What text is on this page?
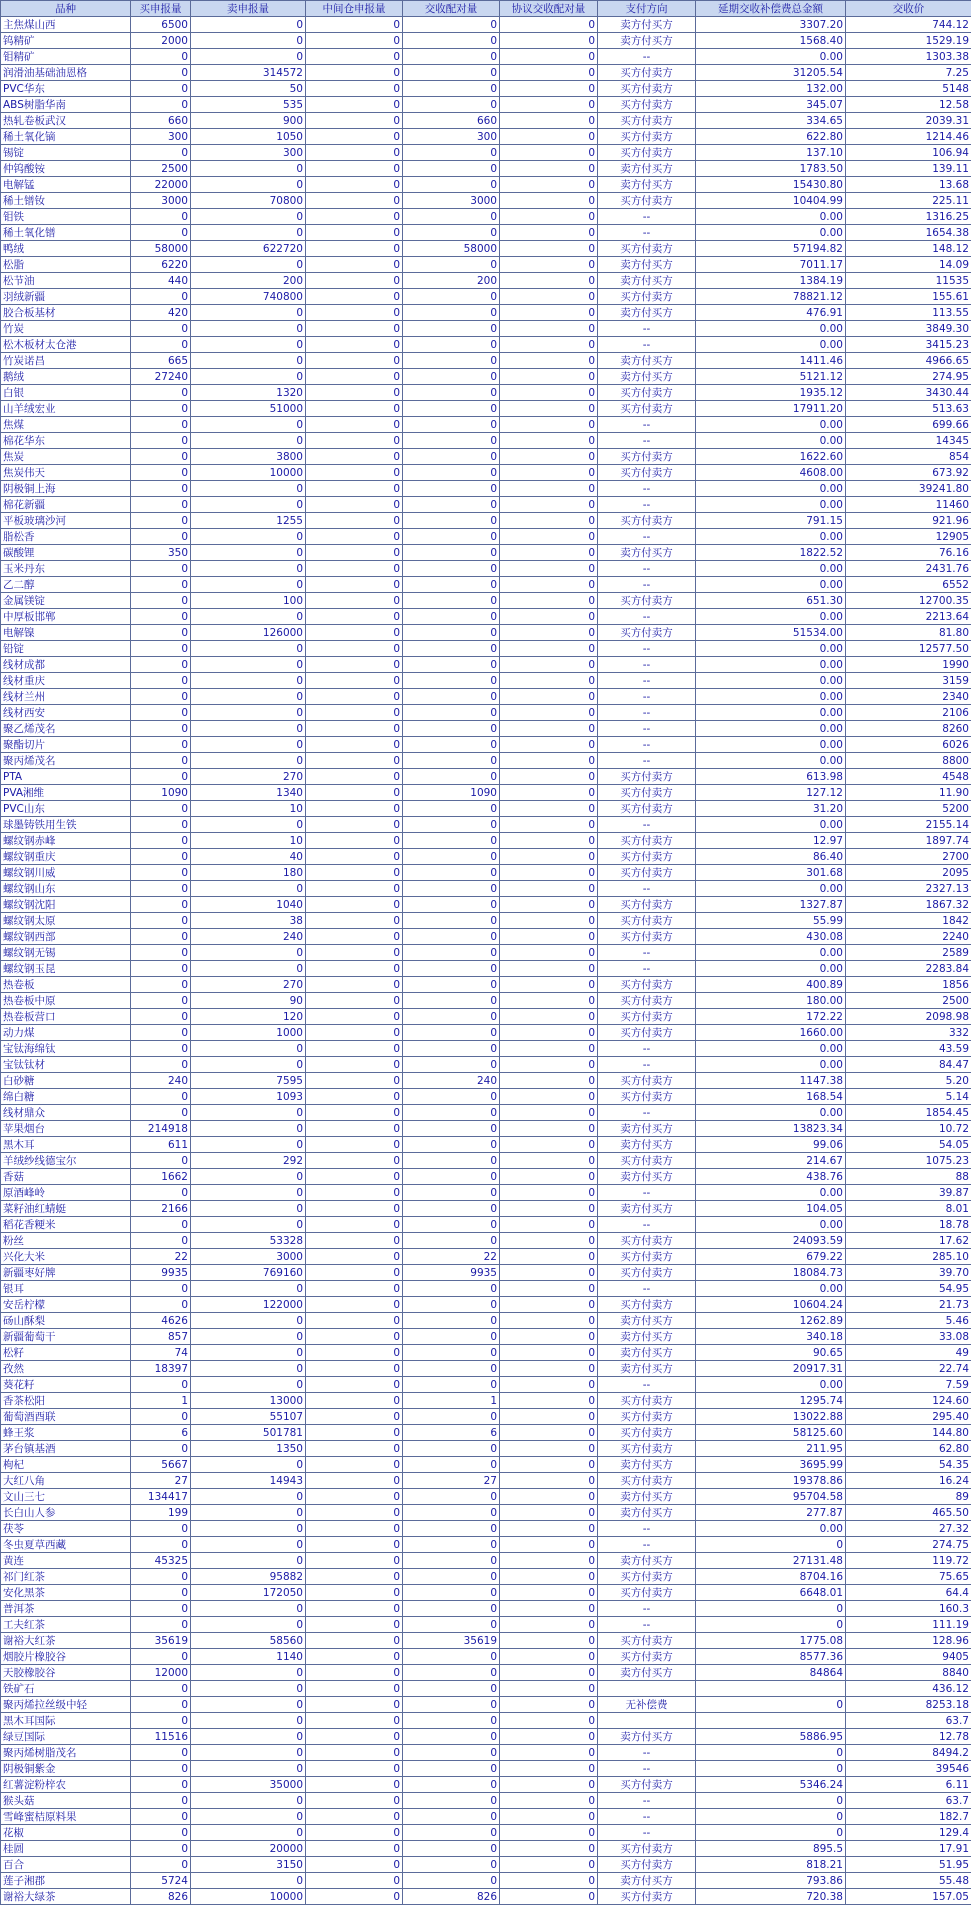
品种	买申报量	卖申报量	中间仓申报量	交收配对量	协议交收配对量	支付方向	延期交收补偿费总金额	交收价
主焦煤山西	6500	0	0	0	0	卖方付买方	3307.20	744.12
钨精矿	2000	0	0	0	0	卖方付买方	1568.40	1529.19
钼精矿	0	0	0	0	0	--	0.00	1303.38
润滑油基础油恩格	0	314572	0	0	0	买方付卖方	31205.54	7.25
PVC华东	0	50	0	0	0	买方付卖方	132.00	5148
ABS树脂华南	0	535	0	0	0	买方付卖方	345.07	12.58
热轧卷板武汉	660	900	0	660	0	买方付卖方	334.65	2039.31
稀土氧化镝	300	1050	0	300	0	买方付卖方	622.80	1214.46
锡锭	0	300	0	0	0	买方付卖方	137.10	106.94
仲钨酸铵	2500	0	0	0	0	卖方付买方	1783.50	139.11
电解锰	22000	0	0	0	0	卖方付买方	15430.80	13.68
稀土镨钕	3000	70800	0	3000	0	买方付卖方	10404.99	225.11
钼铁	0	0	0	0	0	--	0.00	1316.25
稀土氧化镨	0	0	0	0	0	--	0.00	1654.38
鸭绒	58000	622720	0	58000	0	买方付卖方	57194.82	148.12
松脂	6220	0	0	0	0	卖方付买方	7011.17	14.09
松节油	440	200	0	200	0	卖方付买方	1384.19	11535
羽绒新疆	0	740800	0	0	0	买方付卖方	78821.12	155.61
胶合板基材	420	0	0	0	0	卖方付买方	476.91	113.55
竹炭	0	0	0	0	0	--	0.00	3849.30
松木板材太仓港	0	0	0	0	0	--	0.00	3415.23
竹炭诺昌	665	0	0	0	0	卖方付买方	1411.46	4966.65
鹅绒	27240	0	0	0	0	卖方付买方	5121.12	274.95
白银	0	1320	0	0	0	买方付卖方	1935.12	3430.44
山羊绒宏业	0	51000	0	0	0	买方付卖方	17911.20	513.63
焦煤	0	0	0	0	0	--	0.00	699.66
棉花华东	0	0	0	0	0	--	0.00	14345
焦炭	0	3800	0	0	0	买方付卖方	1622.60	854
焦炭伟天	0	10000	0	0	0	买方付卖方	4608.00	673.92
阴极铜上海	0	0	0	0	0	--	0.00	39241.80
棉花新疆	0	0	0	0	0	--	0.00	11460
平板玻璃沙河	0	1255	0	0	0	买方付卖方	791.15	921.96
脂松香	0	0	0	0	0	--	0.00	12905
碳酸锂	350	0	0	0	0	卖方付买方	1822.52	76.16
玉米丹东	0	0	0	0	0	--	0.00	2431.76
乙二醇	0	0	0	0	0	--	0.00	6552
金属镁锭	0	100	0	0	0	买方付卖方	651.30	12700.35
中厚板邯郸	0	0	0	0	0	--	0.00	2213.64
电解镍	0	126000	0	0	0	买方付卖方	51534.00	81.80
铅锭	0	0	0	0	0	--	0.00	12577.50
线材成都	0	0	0	0	0	--	0.00	1990
线材重庆	0	0	0	0	0	--	0.00	3159
线材兰州	0	0	0	0	0	--	0.00	2340
线材西安	0	0	0	0	0	--	0.00	2106
聚乙烯茂名	0	0	0	0	0	--	0.00	8260
聚酯切片	0	0	0	0	0	--	0.00	6026
聚丙烯茂名	0	0	0	0	0	--	0.00	8800
PTA	0	270	0	0	0	买方付卖方	613.98	4548
PVA湘维	1090	1340	0	1090	0	买方付卖方	127.12	11.90
PVC山东	0	10	0	0	0	买方付卖方	31.20	5200
球墨铸铁用生铁	0	0	0	0	0	--	0.00	2155.14
螺纹钢赤峰	0	10	0	0	0	买方付卖方	12.97	1897.74
螺纹钢重庆	0	40	0	0	0	买方付卖方	86.40	2700
螺纹钢川威	0	180	0	0	0	买方付卖方	301.68	2095
螺纹钢山东	0	0	0	0	0	--	0.00	2327.13
螺纹钢沈阳	0	1040	0	0	0	买方付卖方	1327.87	1867.32
螺纹钢太原	0	38	0	0	0	买方付卖方	55.99	1842
螺纹钢西部	0	240	0	0	0	买方付卖方	430.08	2240
螺纹钢无锡	0	0	0	0	0	--	0.00	2589
螺纹钢玉昆	0	0	0	0	0	--	0.00	2283.84
热卷板	0	270	0	0	0	买方付卖方	400.89	1856
热卷板中原	0	90	0	0	0	买方付卖方	180.00	2500
热卷板营口	0	120	0	0	0	买方付卖方	172.22	2098.98
动力煤	0	1000	0	0	0	买方付卖方	1660.00	332
宝钛海绵钛	0	0	0	0	0	--	0.00	43.59
宝钛钛材	0	0	0	0	0	--	0.00	84.47
白砂糖	240	7595	0	240	0	买方付卖方	1147.38	5.20
绵白糖	0	1093	0	0	0	买方付卖方	168.54	5.14
线材鼎众	0	0	0	0	0	--	0.00	1854.45
苹果烟台	214918	0	0	0	0	卖方付买方	13823.34	10.72
黑木耳	611	0	0	0	0	卖方付买方	99.06	54.05
羊绒纱线德宝尔	0	292	0	0	0	买方付卖方	214.67	1075.23
香菇	1662	0	0	0	0	卖方付买方	438.76	88
原酒峰岭	0	0	0	0	0	--	0.00	39.87
菜籽油红蜻蜓	2166	0	0	0	0	卖方付买方	104.05	8.01
稻花香粳米	0	0	0	0	0	--	0.00	18.78
粉丝	0	53328	0	0	0	买方付卖方	24093.59	17.62
兴化大米	22	3000	0	22	0	买方付卖方	679.22	285.10
新疆枣好牌	9935	769160	0	9935	0	买方付卖方	18084.73	39.70
银耳	0	0	0	0	0	--	0.00	54.95
安岳柠檬	0	122000	0	0	0	买方付卖方	10604.24	21.73
砀山酥梨	4626	0	0	0	0	卖方付买方	1262.89	5.46
新疆葡萄干	857	0	0	0	0	卖方付买方	340.18	33.08
松籽	74	0	0	0	0	卖方付买方	90.65	49
孜然	18397	0	0	0	0	卖方付买方	20917.31	22.74
葵花籽	0	0	0	0	0	--	0.00	7.59
香茶松阳	1	13000	0	1	0	买方付卖方	1295.74	124.60
葡萄酒酉联	0	55107	0	0	0	买方付卖方	13022.88	295.40
蜂王浆	6	501781	0	6	0	买方付卖方	58125.60	144.80
茅台镇基酒	0	1350	0	0	0	买方付卖方	211.95	62.80
枸杞	5667	0	0	0	0	卖方付买方	3695.99	54.35
大红八角	27	14943	0	27	0	买方付卖方	19378.86	16.24
文山三七	134417	0	0	0	0	卖方付买方	95704.58	89
长白山人参	199	0	0	0	0	卖方付买方	277.87	465.50
茯苓	0	0	0	0	0	--	0.00	27.32
冬虫夏草西藏	0	0	0	0	0	--	0	274.75
黄连	45325	0	0	0	0	卖方付买方	27131.48	119.72
祁门红茶	0	95882	0	0	0	买方付卖方	8704.16	75.65
安化黑茶	0	172050	0	0	0	买方付卖方	6648.01	64.4
普洱茶	0	0	0	0	0	--	0	160.3
工夫红茶	0	0	0	0	0	--	0	111.19
谢裕大红茶	35619	58560	0	35619	0	买方付卖方	1775.08	128.96
烟胶片橡胶谷	0	1140	0	0	0	买方付卖方	8577.36	9405
天胶橡胶谷	12000	0	0	0	0	卖方付买方	84864	8840
铁矿石	0	0	0	0	0			436.12
聚丙烯拉丝级中轻	0	0	0	0	0	无补偿费	0	8253.18
黑木耳国际	0	0	0	0	0			63.7
绿豆国际	11516	0	0	0	0	卖方付买方	5886.95	12.78
聚丙烯树脂茂名	0	0	0	0	0	--	0	8494.2
阴极铜紫金	0	0	0	0	0	--	0	39546
红薯淀粉梓农	0	35000	0	0	0	买方付卖方	5346.24	6.11
猴头菇	0	0	0	0	0	--	0	63.7
雪峰蜜桔原料果	0	0	0	0	0	--	0	182.7
花椒	0	0	0	0	0	--	0	129.4
桂圆	0	20000	0	0	0	买方付卖方	895.5	17.91
百合	0	3150	0	0	0	买方付卖方	818.21	51.95
莲子湘郡	5724	0	0	0	0	卖方付买方	793.86	55.48
谢裕大绿茶	826	10000	0	826	0	买方付卖方	720.38	157.05
